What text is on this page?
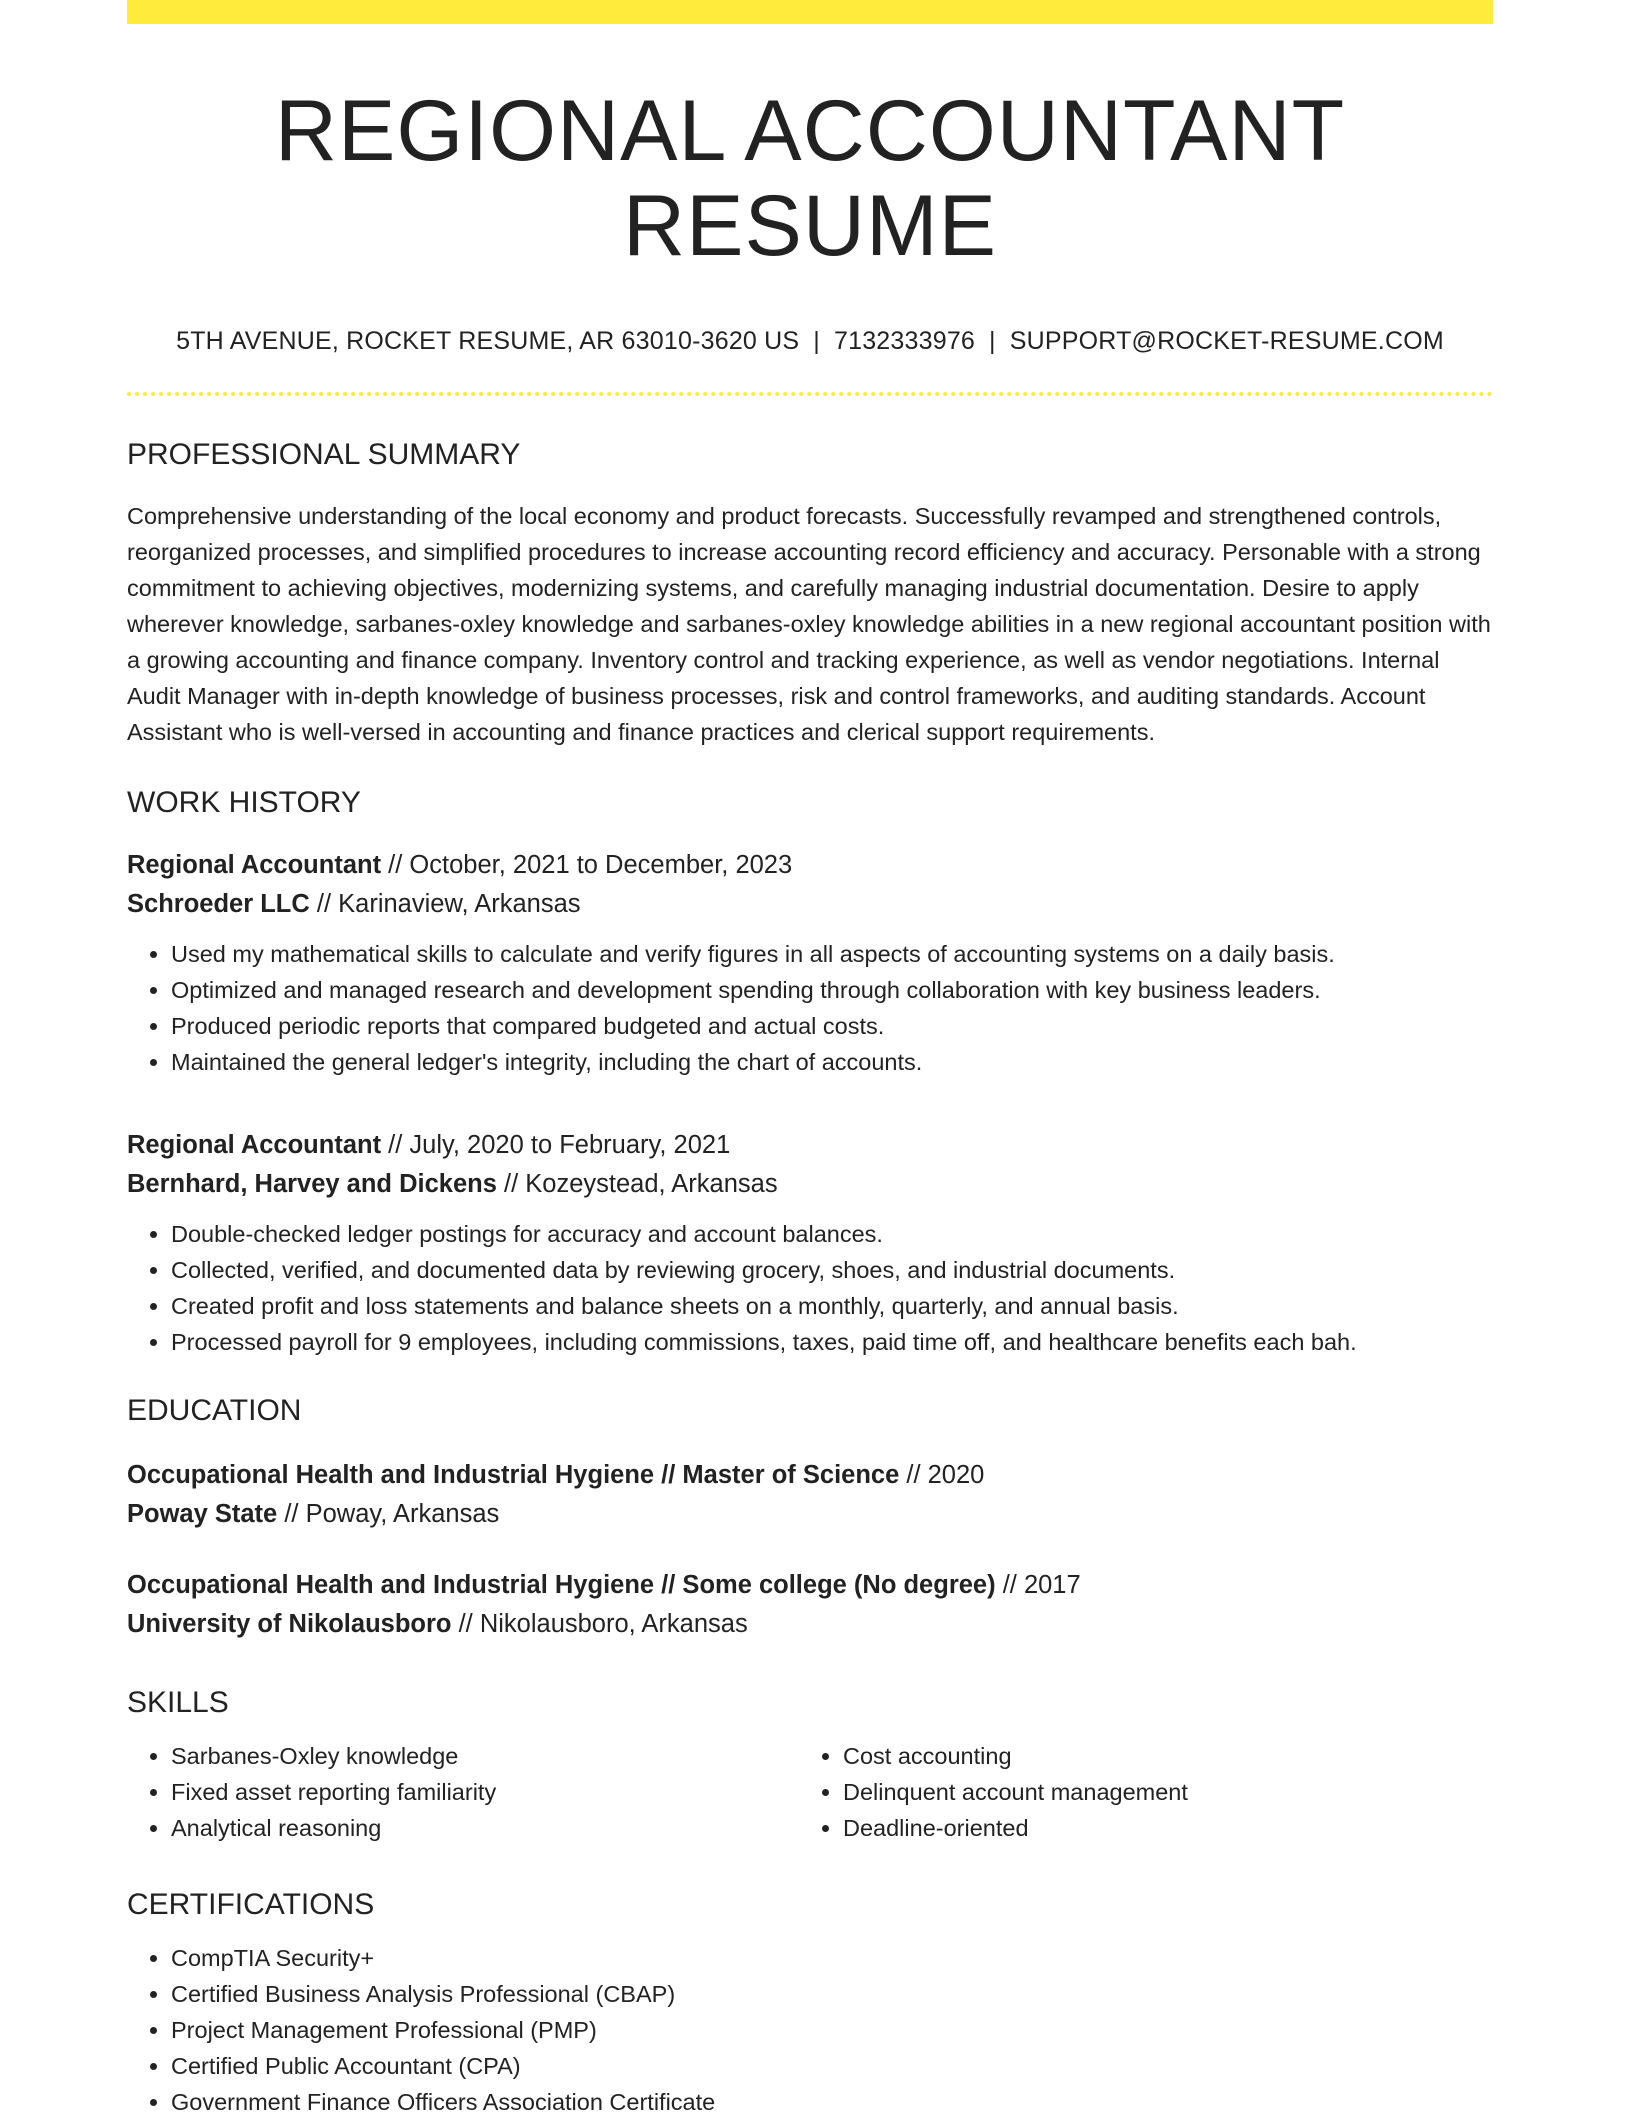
REGIONAL ACCOUNTANT RESUME
5TH AVENUE, ROCKET RESUME, AR 63010-3620 US | 7132333976 | SUPPORT@ROCKET-RESUME.COM
PROFESSIONAL SUMMARY
Comprehensive understanding of the local economy and product forecasts. Successfully revamped and strengthened controls, reorganized processes, and simplified procedures to increase accounting record efficiency and accuracy. Personable with a strong commitment to achieving objectives, modernizing systems, and carefully managing industrial documentation. Desire to apply wherever knowledge, sarbanes-oxley knowledge and sarbanes-oxley knowledge abilities in a new regional accountant position with a growing accounting and finance company. Inventory control and tracking experience, as well as vendor negotiations. Internal Audit Manager with in-depth knowledge of business processes, risk and control frameworks, and auditing standards. Account Assistant who is well-versed in accounting and finance practices and clerical support requirements.
WORK HISTORY
Regional Accountant // October, 2021 to December, 2023
Schroeder LLC // Karinaview, Arkansas
• Used my mathematical skills to calculate and verify figures in all aspects of accounting systems on a daily basis.
• Optimized and managed research and development spending through collaboration with key business leaders.
• Produced periodic reports that compared budgeted and actual costs.
• Maintained the general ledger's integrity, including the chart of accounts.
Regional Accountant // July, 2020 to February, 2021
Bernhard, Harvey and Dickens // Kozeystead, Arkansas
• Double-checked ledger postings for accuracy and account balances.
• Collected, verified, and documented data by reviewing grocery, shoes, and industrial documents.
• Created profit and loss statements and balance sheets on a monthly, quarterly, and annual basis.
• Processed payroll for 9 employees, including commissions, taxes, paid time off, and healthcare benefits each bah.
EDUCATION
Occupational Health and Industrial Hygiene // Master of Science // 2020
Poway State // Poway, Arkansas
Occupational Health and Industrial Hygiene // Some college (No degree) // 2017
University of Nikolausboro // Nikolausboro, Arkansas
SKILLS
• Sarbanes-Oxley knowledge
• Fixed asset reporting familiarity
• Analytical reasoning
• Cost accounting
• Delinquent account management
• Deadline-oriented
CERTIFICATIONS
• CompTIA Security+
• Certified Business Analysis Professional (CBAP)
• Project Management Professional (PMP)
• Certified Public Accountant (CPA)
• Government Finance Officers Association Certificate
